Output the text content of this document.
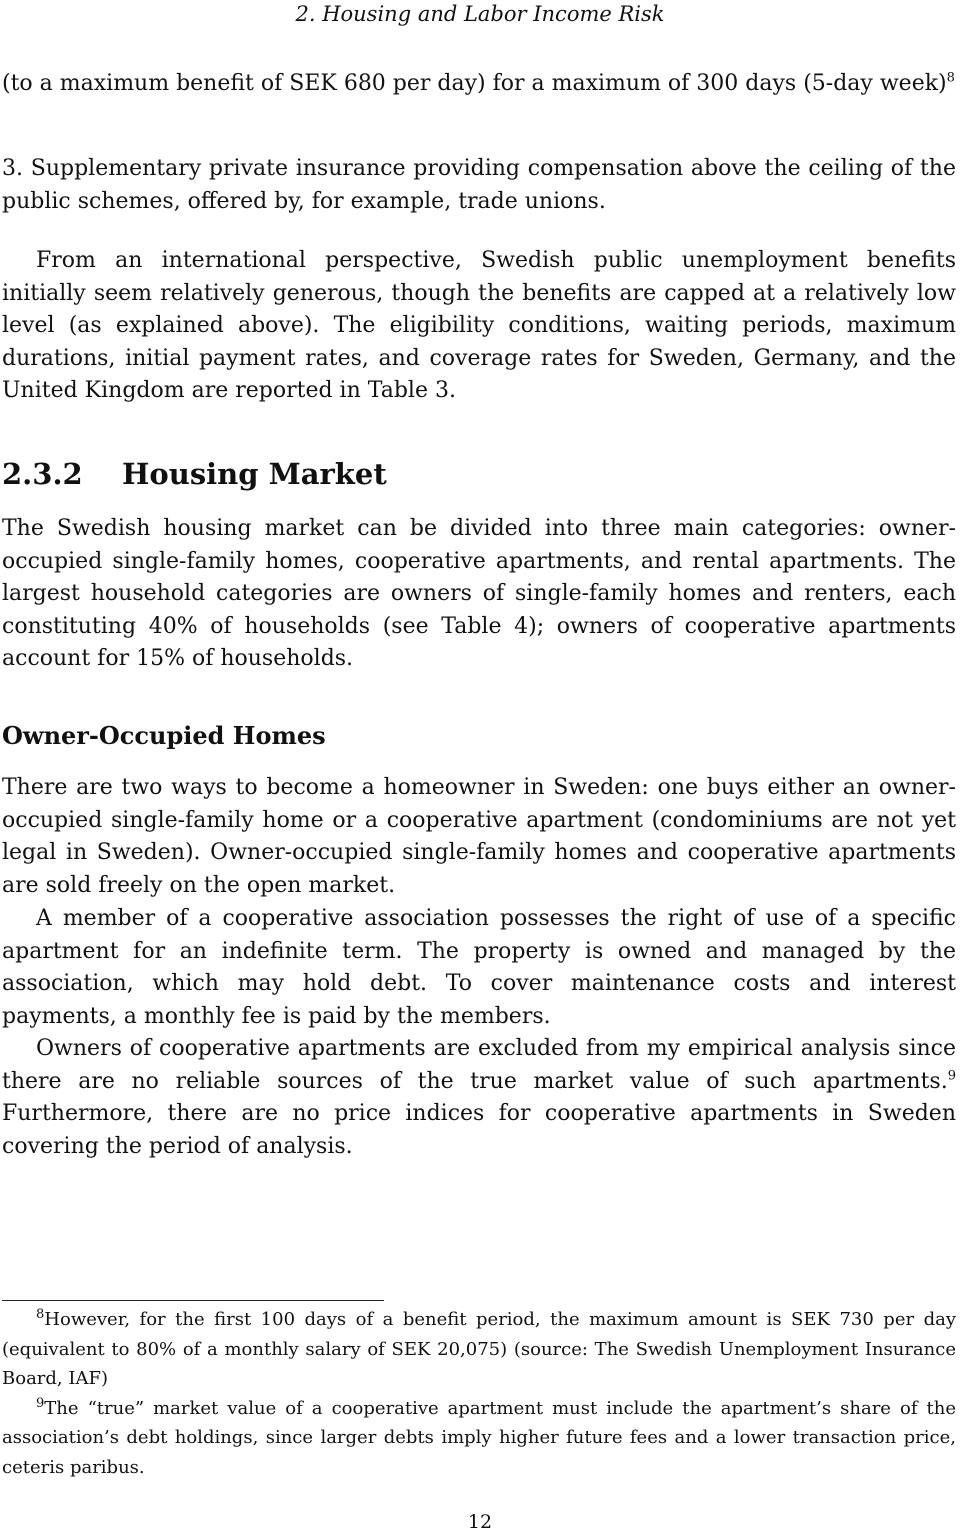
2. Housing and Labor Income Risk
(to a maximum benefit of SEK 680 per day) for a maximum of 300 days (5-day week)$^8$
3. Supplementary private insurance providing compensation above the ceiling of the public schemes, offered by, for example, trade unions.
From an international perspective, Swedish public unemployment benefits initially seem relatively generous, though the benefits are capped at a relatively low level (as explained above). The eligibility conditions, waiting periods, maximum durations, initial payment rates, and coverage rates for Sweden, Germany, and the United Kingdom are reported in Table 3.
2.3.2 Housing Market
The Swedish housing market can be divided into three main categories: owner-occupied single-family homes, cooperative apartments, and rental apartments. The largest household categories are owners of single-family homes and renters, each constituting 40% of households (see Table 4); owners of cooperative apartments account for 15% of households.
Owner-Occupied Homes
There are two ways to become a homeowner in Sweden: one buys either an owner-occupied single-family home or a cooperative apartment (condominiums are not yet legal in Sweden). Owner-occupied single-family homes and cooperative apartments are sold freely on the open market.
A member of a cooperative association possesses the right of use of a specific apartment for an indefinite term. The property is owned and managed by the association, which may hold debt. To cover maintenance costs and interest payments, a monthly fee is paid by the members.
Owners of cooperative apartments are excluded from my empirical analysis since there are no reliable sources of the true market value of such apartments.$^9$ Furthermore, there are no price indices for cooperative apartments in Sweden covering the period of analysis.

$^8$However, for the first 100 days of a benefit period, the maximum amount is SEK 730 per day (equivalent to 80% of a monthly salary of SEK 20,075) (source: The Swedish Unemployment Insurance Board, IAF)

$^9$The “true” market value of a cooperative apartment must include the apartment’s share of the association’s debt holdings, since larger debts imply higher future fees and a lower transaction price, ceteris paribus.

12
